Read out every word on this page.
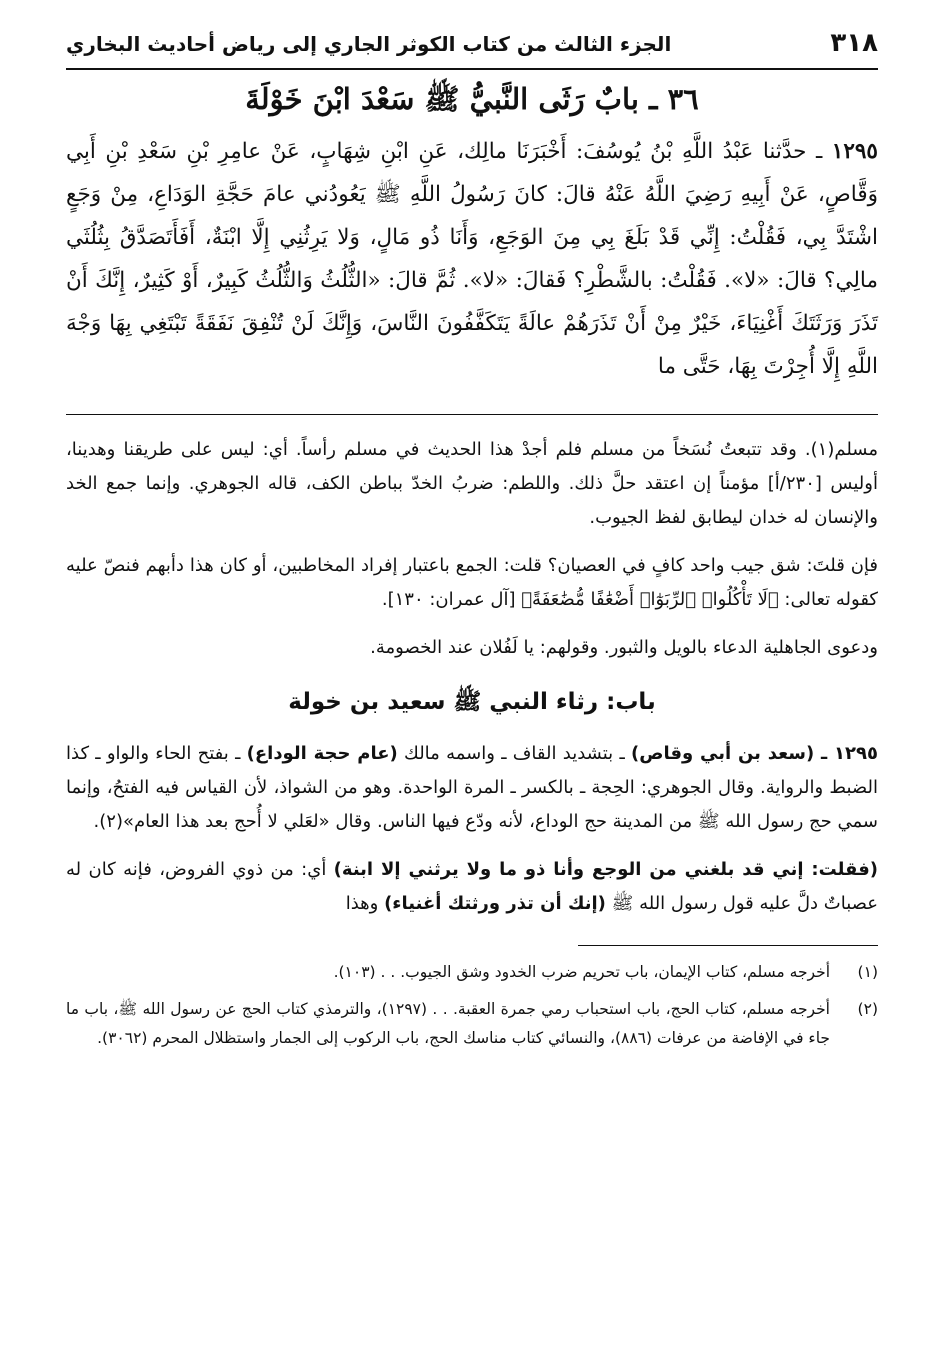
٣١٨
الجزء الثالث من كتاب الكوثر الجاري إلى رياض أحاديث البخاري
٣٦ ـ بابٌ رَثَى النَّبيُّ ﷺ سَعْدَ ابْنَ خَوْلَةَ

١٢٩٥ ـ حدَّثنا عَبْدُ اللَّهِ بْنُ يُوسُفَ: أَخْبَرَنَا مالِك، عَنِ ابْنِ شِهَابٍ، عَنْ عامِرِ بْنِ سَعْدِ بْنِ أَبِي وَقَّاصٍ، عَنْ أَبِيهِ رَضِيَ اللَّهُ عَنْهُ قالَ: كانَ رَسُولُ اللَّهِ ﷺ يَعُودُني عامَ حَجَّةِ الوَدَاعِ، مِنْ وَجَعٍ اشْتَدَّ بِي، فَقُلْتُ: إِنِّي قَدْ بَلَغَ بِي مِنَ الوَجَعِ، وَأَنَا ذُو مَالٍ، وَلا يَرِثُنِي إِلَّا ابْنَةٌ، أَفَأَتَصَدَّقُ بِثُلُثَي مالِي؟ قالَ: «لا». فَقُلْتُ: بالشَّطْرِ؟ فَقالَ: «لا». ثُمَّ قالَ: «الثُّلُثُ وَالثُّلُثُ كَبِيرٌ، أَوْ كَثِيرٌ، إِنَّكَ أَنْ تَذَرَ وَرَثَتَكَ أَغْنِيَاءَ، خَيْرٌ مِنْ أَنْ تَذَرَهُمْ عالَةً يَتَكَفَّفُونَ النَّاسَ، وَإِنَّكَ لَنْ تُنْفِقَ نَفَقَةً تَبْتَغِي بِهَا وَجْهَ اللَّهِ إِلَّا أُجِرْتَ بِهَا، حَتَّى ما

مسلم(١). وقد تتبعتُ نُسَخاً من مسلم فلم أجدْ هذا الحديث في مسلم رأساً. أي: ليس على طريقنا وهدينا، أوليس [٢٣٠/أ] مؤمناً إن اعتقد حلَّ ذلك. واللطم: ضربُ الخدّ بباطن الكف، قاله الجوهري. وإنما جمع الخد والإنسان له خدان ليطابق لفظ الجيوب.

فإن قلتَ: شق جيب واحد كافٍ في العصيان؟ قلت: الجمع باعتبار إفراد المخاطبين، أو كان هذا دأبهم فنصّ عليه كقوله تعالى: ﴿لَا تَأْكُلُوا۟ ٱلرِّبَوٰٓا۟ أَضْعَٰفًا مُّضَٰعَفَةً﴾ [آل عمران: ١٣٠].

ودعوى الجاهلية الدعاء بالويل والثبور. وقولهم: يا لَفُلان عند الخصومة.

باب: رثاء النبي ﷺ سعيد بن خولة

١٢٩٥ ـ (سعد بن أبي وقاص) ـ بتشديد القاف ـ واسمه مالك (عام حجة الوداع) ـ بفتح الحاء والواو ـ كذا الضبط والرواية. وقال الجوهري: الحِجة ـ بالكسر ـ المرة الواحدة. وهو من الشواذ، لأن القياس فيه الفتحُ، وإنما سمي حج رسول الله ﷺ من المدينة حج الوداع، لأنه ودّع فيها الناس. وقال «لعَلي لا أُحج بعد هذا العام»(٢).

(فقلت: إني قد بلغني من الوجع وأنا ذو ما ولا يرثني إلا ابنة) أي: من ذوي الفروض، فإنه كان له عصباتٌ دلَّ عليه قول رسول الله ﷺ (إنك أن تذر ورثتك أغنياء) وهذا

(١)
أخرجه مسلم، كتاب الإيمان، باب تحريم ضرب الخدود وشق الجيوب. . . (١٠٣).
(٢)
أخرجه مسلم، كتاب الحج، باب استحباب رمي جمرة العقبة. . . (١٢٩٧)، والترمذي كتاب الحج عن رسول الله ﷺ، باب ما جاء في الإفاضة من عرفات (٨٨٦)، والنسائي كتاب مناسك الحج، باب الركوب إلى الجمار واستظلال المحرم (٣٠٦٢).
